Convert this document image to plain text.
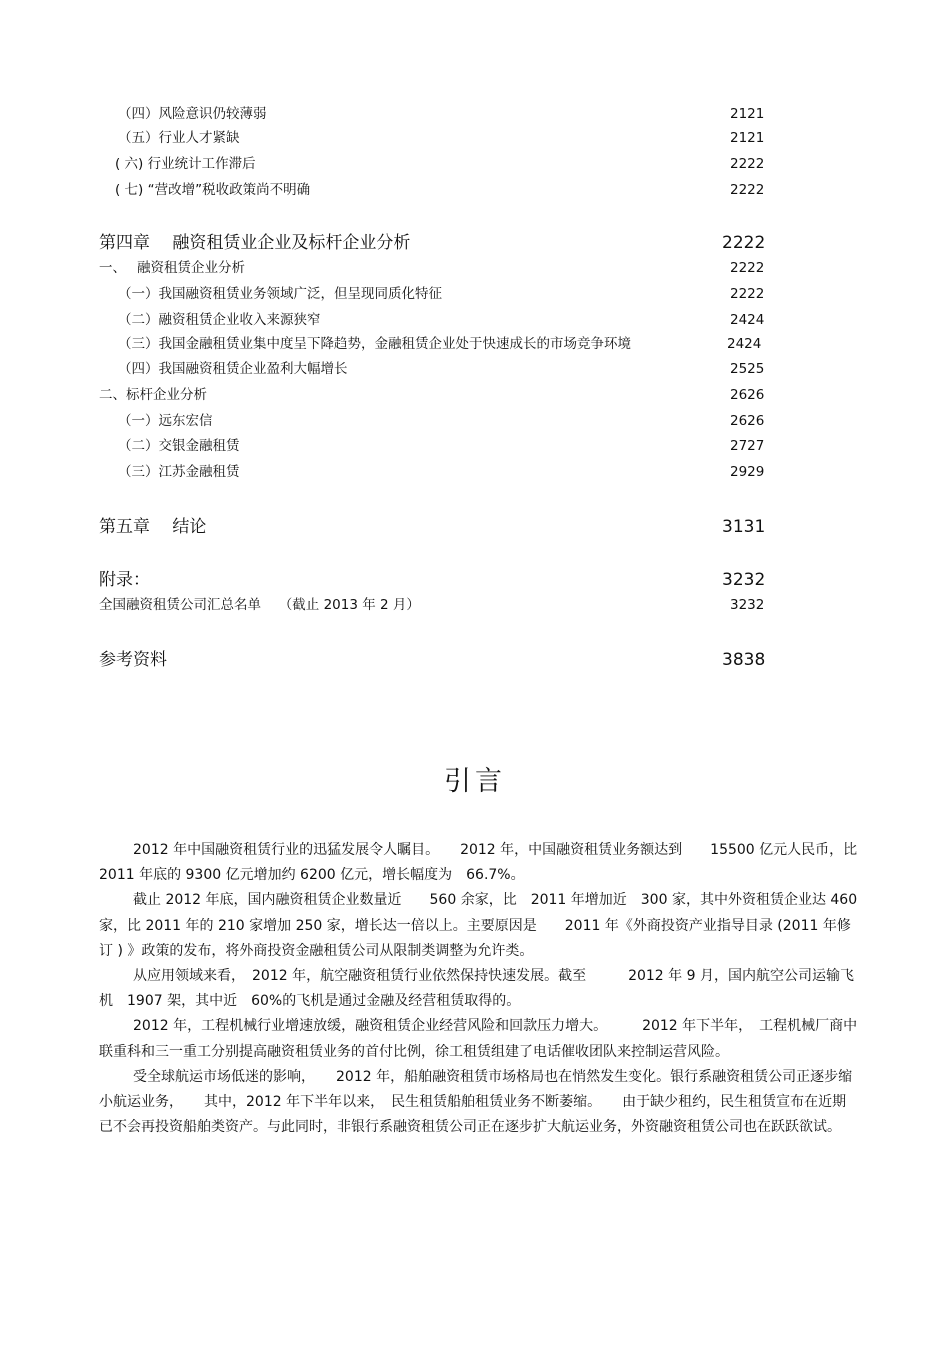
（四）风险意识仍较薄弱	2121
（五）行业人才紧缺	2121
( 六) 行业统计工作滞后	2222
( 七) “营改增”税收政策尚不明确	2222
第四章　 融资租赁业企业及标杆企业分析	2222
一、　 融资租赁企业分析	2222
（一）我国融资租赁业务领域广泛，但呈现同质化特征	2222
（二）融资租赁企业收入来源狭窄	2424
（三）我国金融租赁业集中度呈下降趋势，金融租赁企业处于快速成长的市场竞争环境	2424
（四）我国融资租赁企业盈利大幅增长	2525
二、标杆企业分析	2626
（一）远东宏信	2626
（二）交银金融租赁	2727
（三）江苏金融租赁	2929
第五章　 结论	3131
附录：	3232
全国融资租赁公司汇总名单　 （截止 2013 年 2 月）	3232
参考资料	3838
引言

2012 年中国融资租赁行业的迅猛发展令人瞩目。　　2012 年，中国融资租赁业务额达到　　15500 亿元人民币，比 2011 年底的 9300 亿元增加约 6200 亿元，增长幅度为　66.7%。

截止 2012 年底，国内融资租赁企业数量近　　560 余家，比　2011 年增加近　300 家，其中外资租赁企业达 460 家，比 2011 年的 210 家增加 250 家，增长达一倍以上。主要原因是　　2011 年《外商投资产业指导目录 (2011 年修订 ) 》政策的发布，将外商投资金融租赁公司从限制类调整为允许类。

从应用领域来看，　2012 年，航空融资租赁行业依然保持快速发展。截至　　　2012 年 9 月，国内航空公司运输飞机　1907 架，其中近　60%的飞机是通过金融及经营租赁取得的。

2012 年，工程机械行业增速放缓，融资租赁企业经营风险和回款压力增大。　　　2012 年下半年，　工程机械厂商中联重科和三一重工分别提高融资租赁业务的首付比例，徐工租赁组建了电话催收团队来控制运营风险。

受全球航运市场低迷的影响，　　2012 年，船舶融资租赁市场格局也在悄然发生变化。银行系融资租赁公司正逐步缩小航运业务，　　其中，2012 年下半年以来，　民生租赁船舶租赁业务不断萎缩。　　由于缺少租约，民生租赁宣布在近期已不会再投资船舶类资产。与此同时，非银行系融资租赁公司正在逐步扩大航运业务，外资融资租赁公司也在跃跃欲试。
